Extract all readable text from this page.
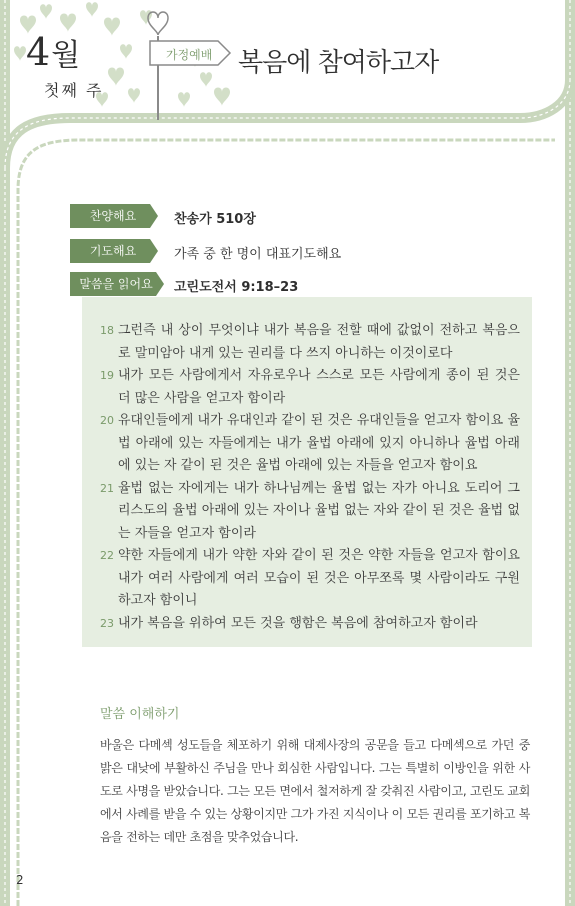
4월
첫째 주
가정예배 복음에 참여하고자
찬양해요	찬송가 510장
기도해요	가족 중 한 명이 대표기도해요
말씀을 읽어요	고린도전서 9:18–23
18 그런즉 내 상이 무엇이냐 내가 복음을 전할 때에 값없이 전하고 복음으로 말미암아 내게 있는 권리를 다 쓰지 아니하는 이것이로다
19 내가 모든 사람에게서 자유로우나 스스로 모든 사람에게 종이 된 것은 더 많은 사람을 얻고자 함이라
20 유대인들에게 내가 유대인과 같이 된 것은 유대인들을 얻고자 함이요 율법 아래에 있는 자들에게는 내가 율법 아래에 있지 아니하나 율법 아래에 있는 자 같이 된 것은 율법 아래에 있는 자들을 얻고자 함이요
21 율법 없는 자에게는 내가 하나님께는 율법 없는 자가 아니요 도리어 그리스도의 율법 아래에 있는 자이나 율법 없는 자와 같이 된 것은 율법 없는 자들을 얻고자 함이라
22 약한 자들에게 내가 약한 자와 같이 된 것은 약한 자들을 얻고자 함이요 내가 여러 사람에게 여러 모습이 된 것은 아무쪼록 몇 사람이라도 구원하고자 함이니
23 내가 복음을 위하여 모든 것을 행함은 복음에 참여하고자 함이라
말씀 이해하기
바울은 다메섹 성도들을 체포하기 위해 대제사장의 공문을 들고 다메섹으로 가던 중 밝은 대낮에 부활하신 주님을 만나 회심한 사람입니다. 그는 특별히 이방인을 위한 사도로 사명을 받았습니다. 그는 모든 면에서 철저하게 잘 갖춰진 사람이고, 고린도 교회에서 사례를 받을 수 있는 상황이지만 그가 가진 지식이나 이 모든 권리를 포기하고 복음을 전하는 데만 초점을 맞추었습니다.
2
